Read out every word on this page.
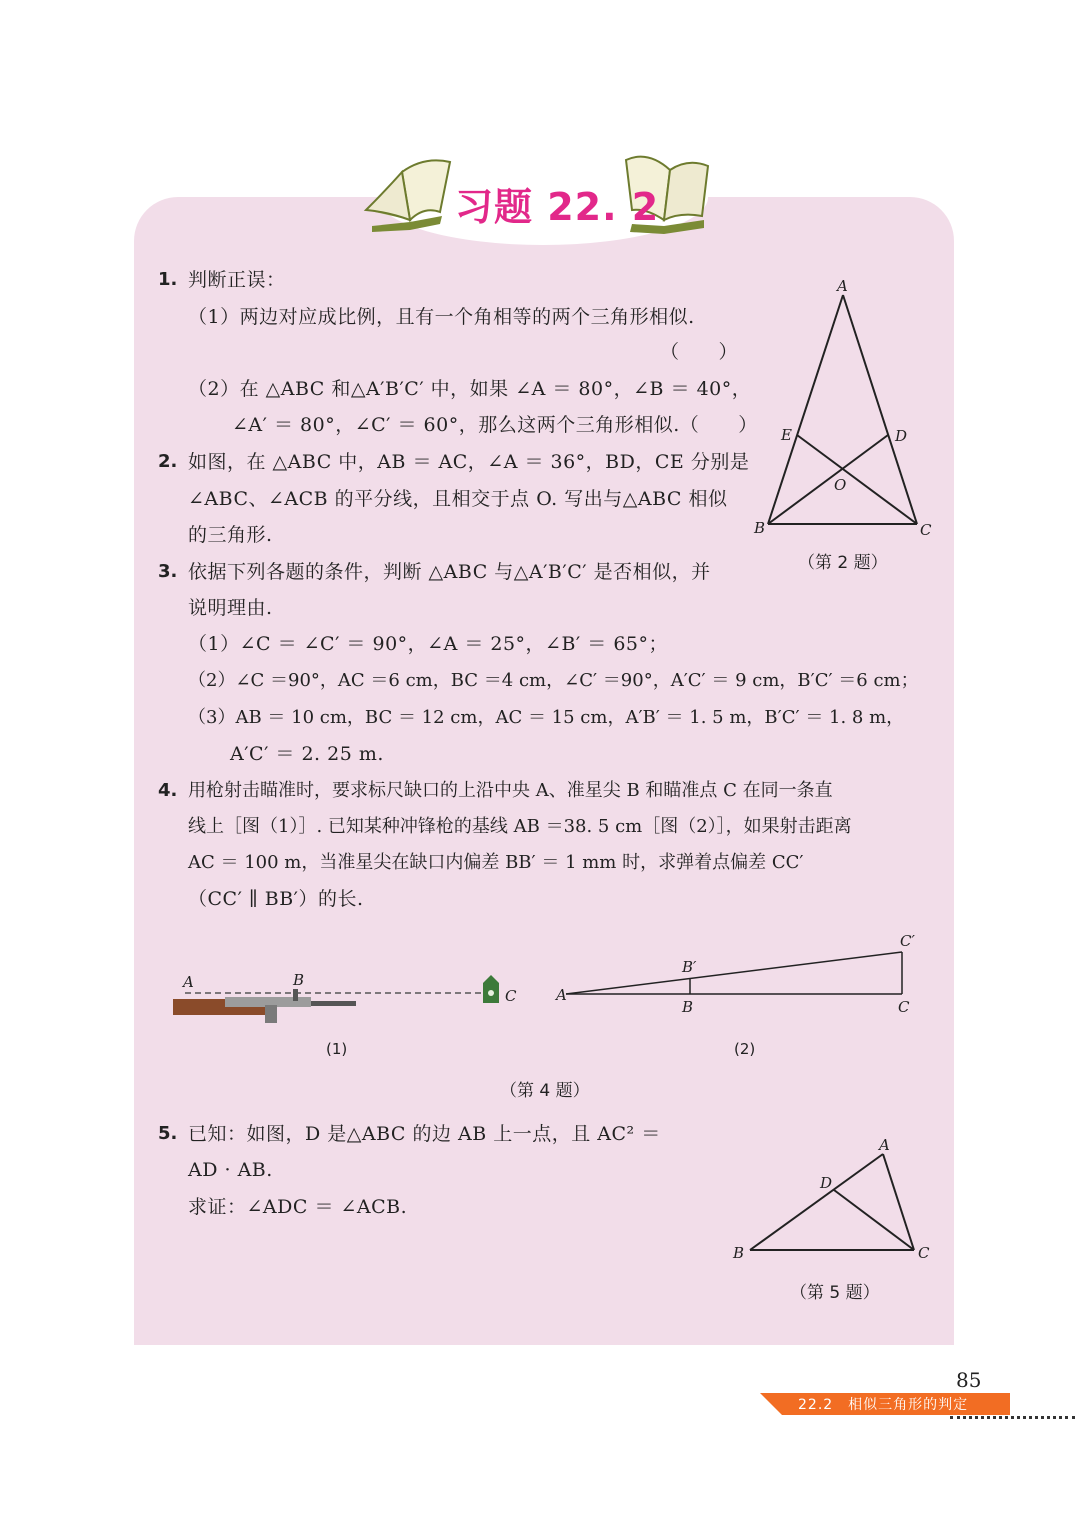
习题 22. 2
1. 判断正误：
（1）两边对应成比例，且有一个角相等的两个三角形相似.
（　　）
（2）在 △ABC 和△A′B′C′ 中，如果 ∠A ＝ 80°，∠B ＝ 40°，
∠A′ ＝ 80°，∠C′ ＝ 60°，那么这两个三角形相似.（　　）
2. 如图，在 △ABC 中，AB ＝ AC，∠A ＝ 36°，BD，CE 分别是
∠ABC、∠ACB 的平分线，且相交于点 O. 写出与△ABC 相似
的三角形.
A
B	C
D
E
O
（第 2 题）
3. 依据下列各题的条件，判断 △ABC 与△A′B′C′ 是否相似，并
说明理由.
（1）∠C ＝ ∠C′ ＝ 90°，∠A ＝ 25°，∠B′ ＝ 65°；
（2）∠C ＝90°，AC ＝6 cm，BC ＝4 cm，∠C′ ＝90°，A′C′ ＝ 9 cm，B′C′ ＝6 cm；
（3）AB ＝ 10 cm，BC ＝ 12 cm，AC ＝ 15 cm，A′B′ ＝ 1. 5 m，B′C′ ＝ 1. 8 m，
A′C′ ＝ 2. 25 m.
4. 用枪射击瞄准时，要求标尺缺口的上沿中央 A、准星尖 B 和瞄准点 C 在同一条直
线上［图（1）］. 已知某种冲锋枪的基线 AB ＝38. 5 cm［图（2）］，如果射击距离
AC ＝ 100 m，当准星尖在缺口内偏差 BB′ ＝ 1 mm 时，求弹着点偏差 CC′
（CC′ ∥ BB′）的长.
A	B
C
(1)
A
B
B′
C
C′
(2)
（第 4 题）
5. 已知：如图，D 是△ABC 的边 AB 上一点，且 AC² ＝
AD · AB.
求证：∠ADC ＝ ∠ACB.
A
B	C
D
（第 5 题）
85
22.2　相似三角形的判定
